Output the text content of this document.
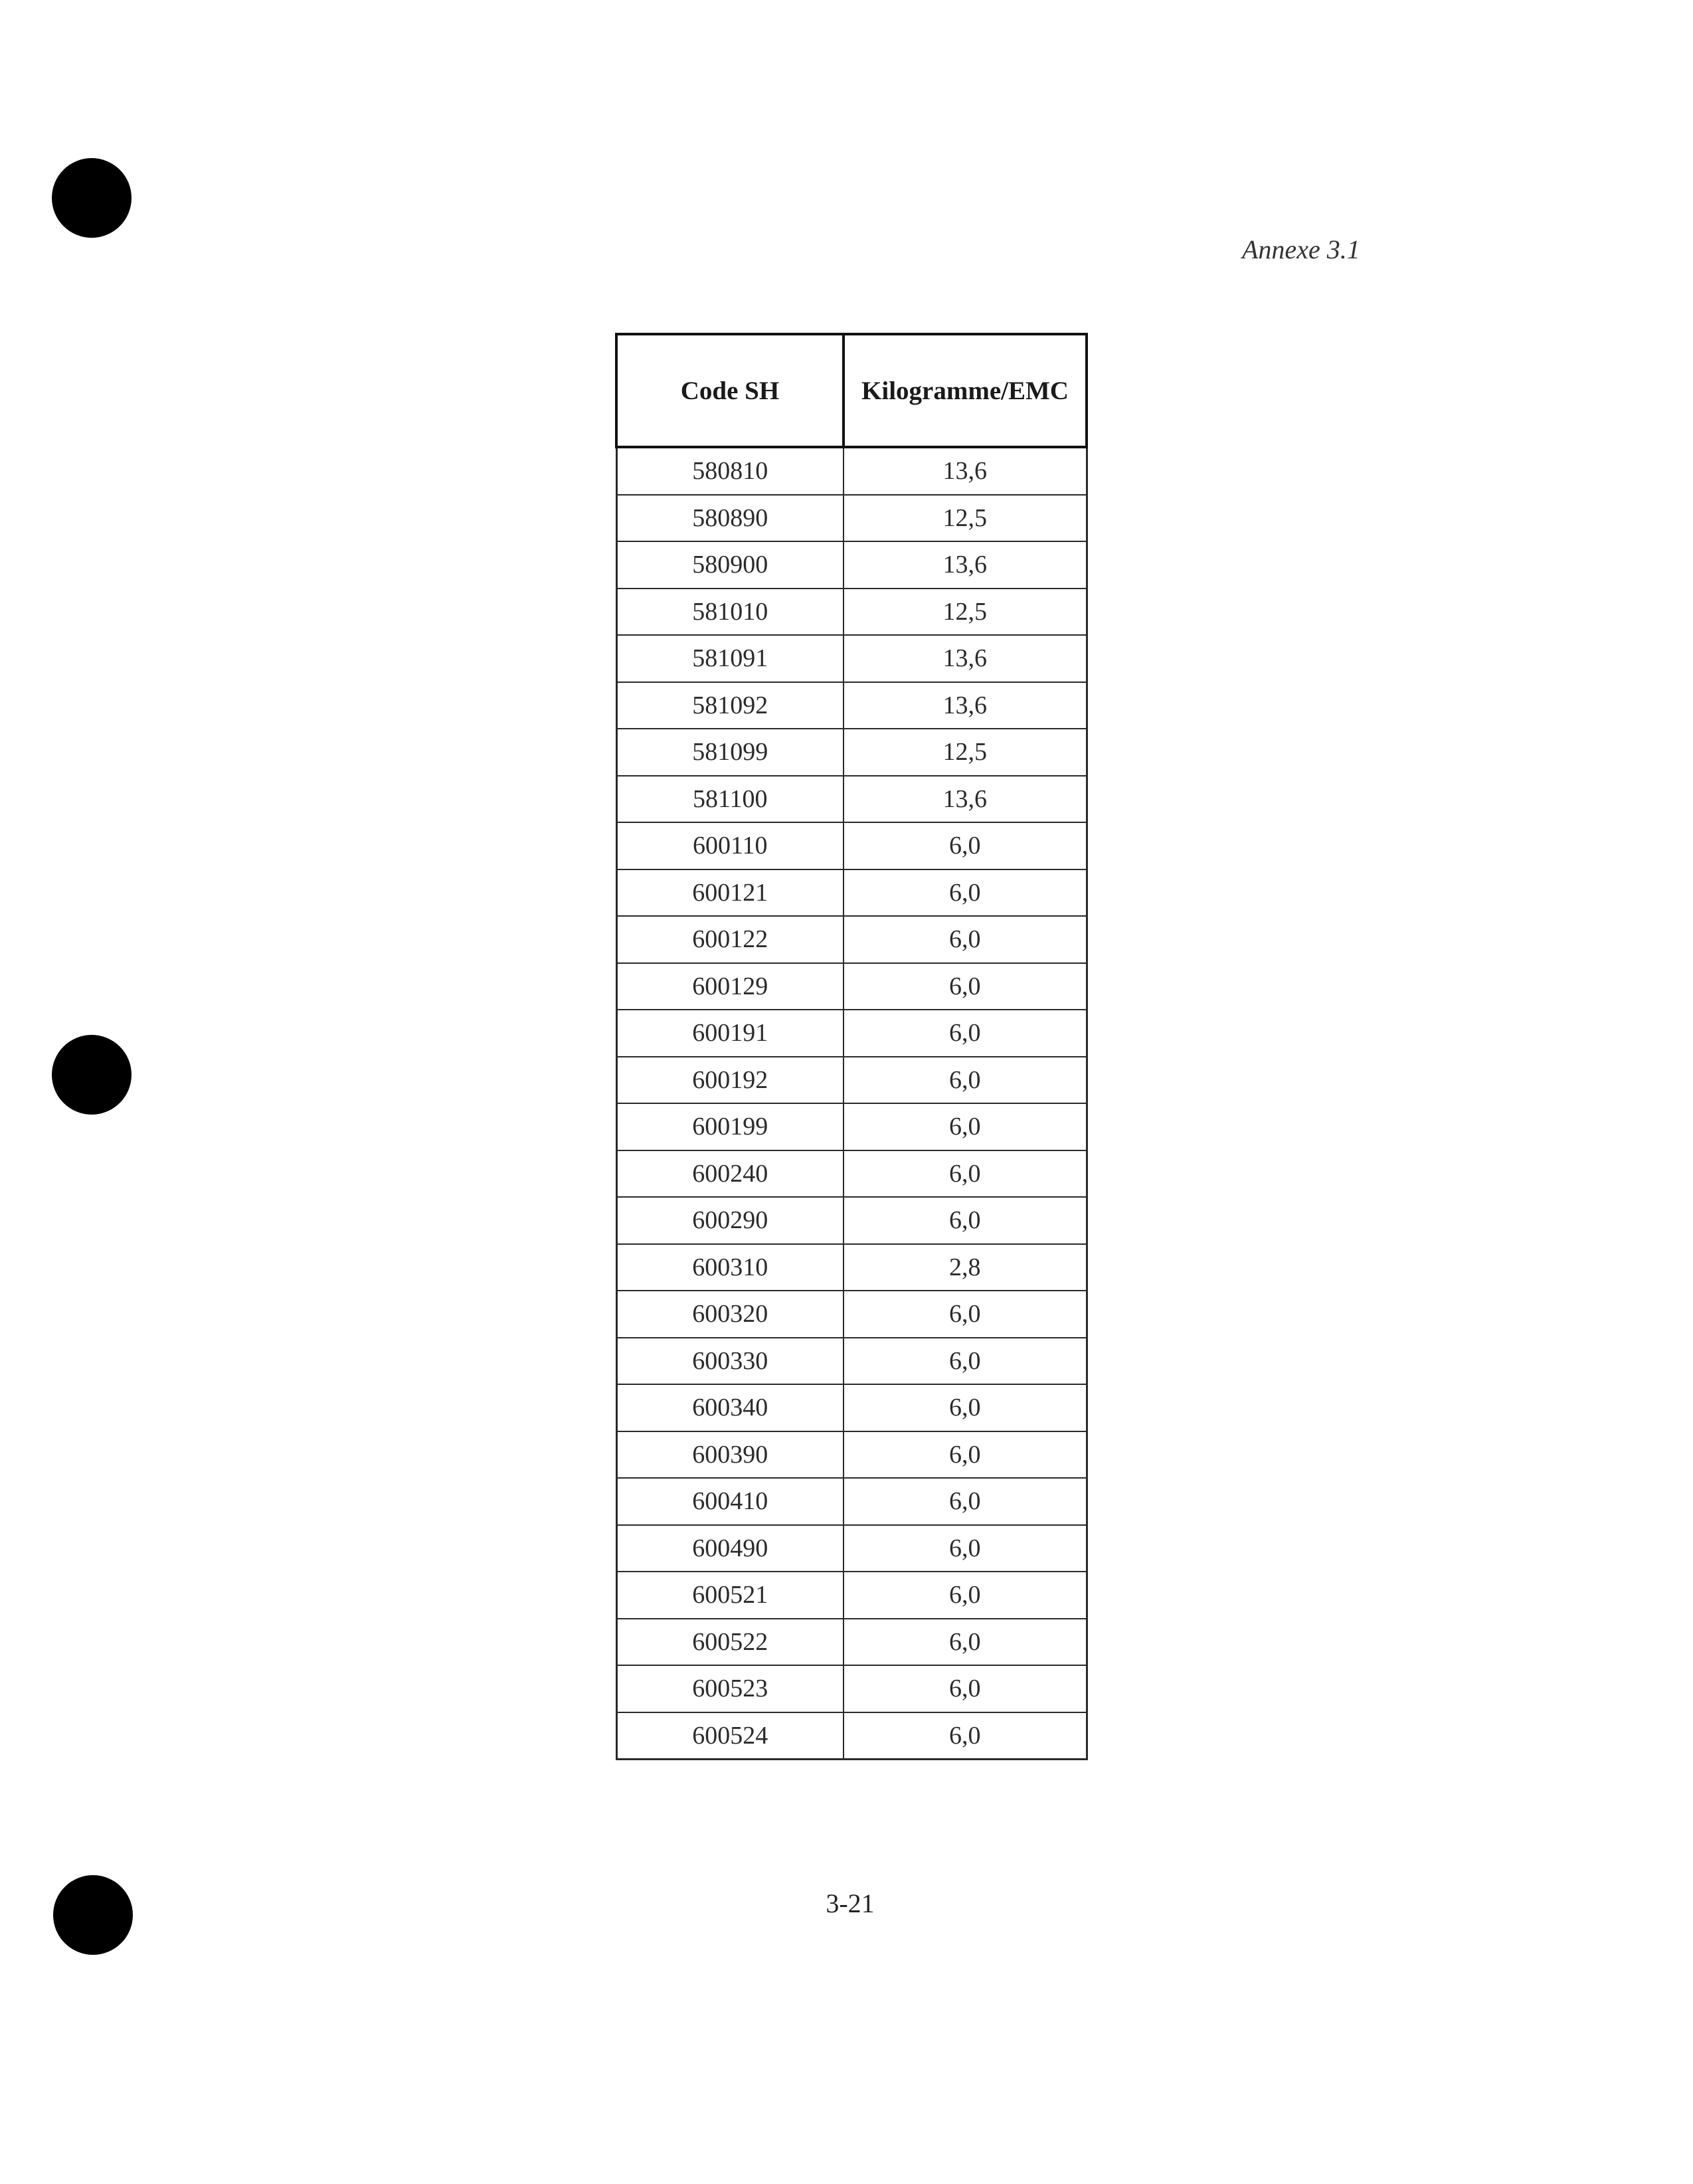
Annexe 3.1
Code SH	Kilogramme/EMC
580810	13,6
580890	12,5
580900	13,6
581010	12,5
581091	13,6
581092	13,6
581099	12,5
581100	13,6
600110	6,0
600121	6,0
600122	6,0
600129	6,0
600191	6,0
600192	6,0
600199	6,0
600240	6,0
600290	6,0
600310	2,8
600320	6,0
600330	6,0
600340	6,0
600390	6,0
600410	6,0
600490	6,0
600521	6,0
600522	6,0
600523	6,0
600524	6,0
3-21
